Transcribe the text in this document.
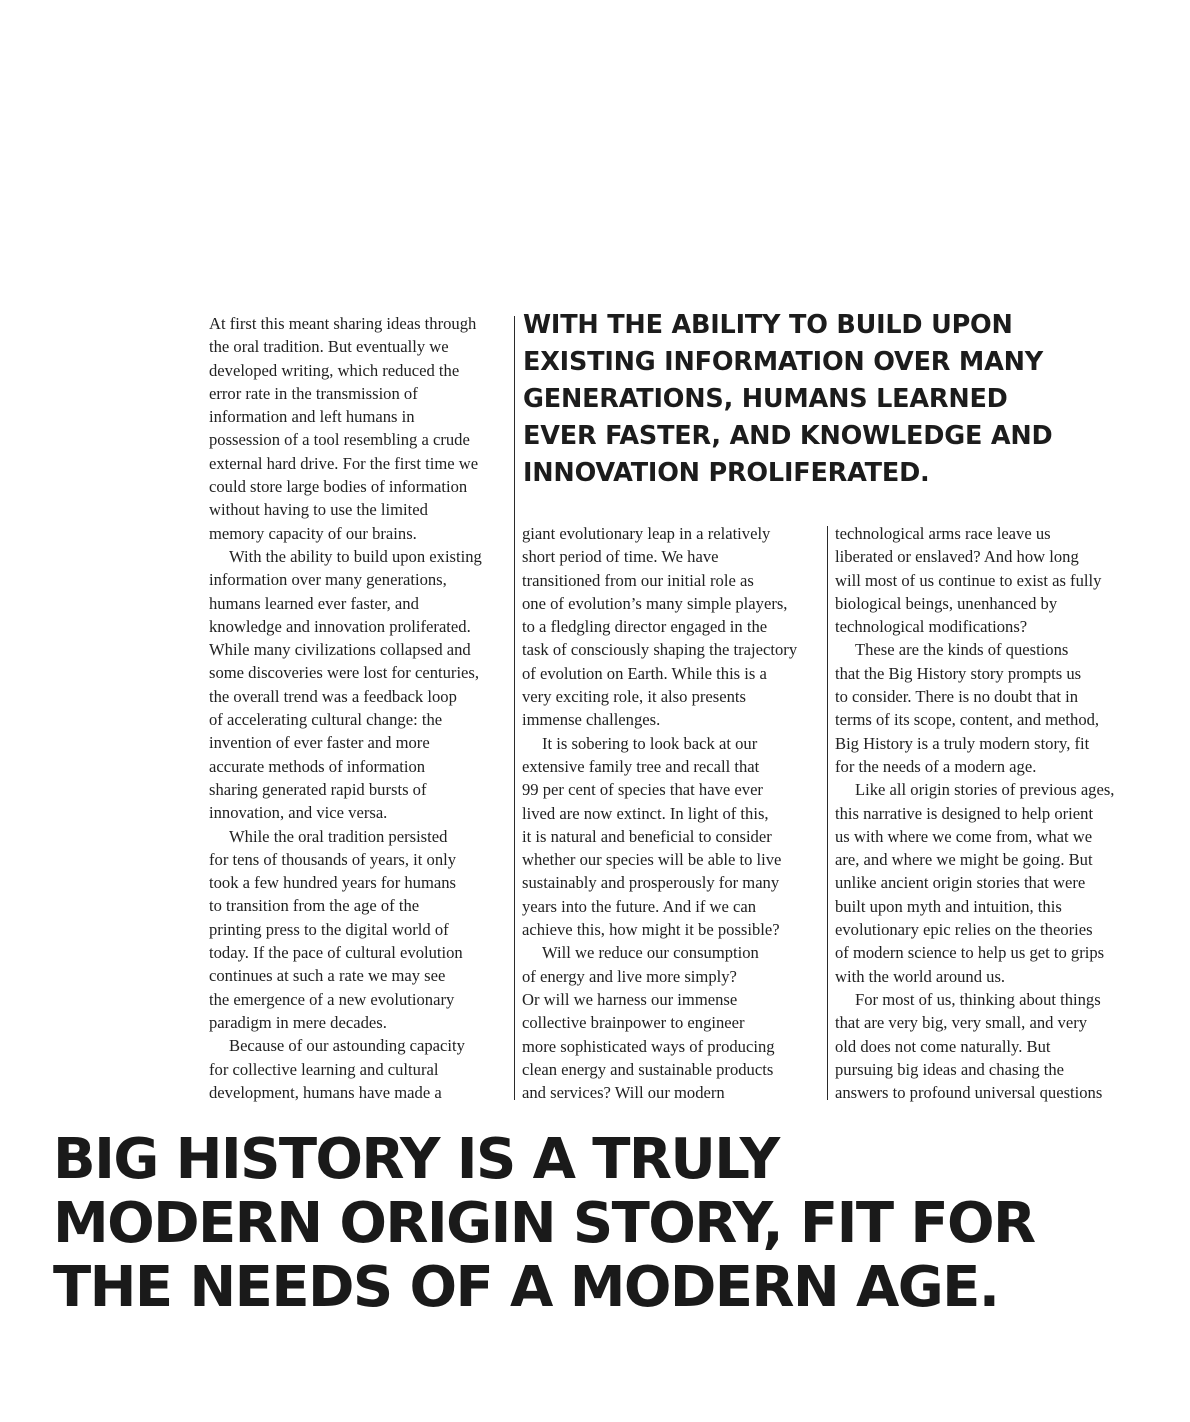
At first this meant sharing ideas through
the oral tradition. But eventually we
developed writing, which reduced the
error rate in the transmission of
information and left humans in
possession of a tool resembling a crude
external hard drive. For the first time we
could store large bodies of information
without having to use the limited
memory capacity of our brains.
With the ability to build upon existing
information over many generations,
humans learned ever faster, and
knowledge and innovation proliferated.
While many civilizations collapsed and
some discoveries were lost for centuries,
the overall trend was a feedback loop
of accelerating cultural change: the
invention of ever faster and more
accurate methods of information
sharing generated rapid bursts of
innovation, and vice versa.
While the oral tradition persisted
for tens of thousands of years, it only
took a few hundred years for humans
to transition from the age of the
printing press to the digital world of
today. If the pace of cultural evolution
continues at such a rate we may see
the emergence of a new evolutionary
paradigm in mere decades.
Because of our astounding capacity
for collective learning and cultural
development, humans have made a
WITH THE ABILITY TO BUILD UPON
EXISTING INFORMATION OVER MANY
GENERATIONS, HUMANS LEARNED
EVER FASTER, AND KNOWLEDGE AND
INNOVATION PROLIFERATED.
giant evolutionary leap in a relatively
short period of time. We have
transitioned from our initial role as
one of evolution’s many simple players,
to a fledgling director engaged in the
task of consciously shaping the trajectory
of evolution on Earth. While this is a
very exciting role, it also presents
immense challenges.
It is sobering to look back at our
extensive family tree and recall that
99 per cent of species that have ever
lived are now extinct. In light of this,
it is natural and beneficial to consider
whether our species will be able to live
sustainably and prosperously for many
years into the future. And if we can
achieve this, how might it be possible?
Will we reduce our consumption
of energy and live more simply?
Or will we harness our immense
collective brainpower to engineer
more sophisticated ways of producing
clean energy and sustainable products
and services? Will our modern
technological arms race leave us
liberated or enslaved? And how long
will most of us continue to exist as fully
biological beings, unenhanced by
technological modifications?
These are the kinds of questions
that the Big History story prompts us
to consider. There is no doubt that in
terms of its scope, content, and method,
Big History is a truly modern story, fit
for the needs of a modern age.
Like all origin stories of previous ages,
this narrative is designed to help orient
us with where we come from, what we
are, and where we might be going. But
unlike ancient origin stories that were
built upon myth and intuition, this
evolutionary epic relies on the theories
of modern science to help us get to grips
with the world around us.
For most of us, thinking about things
that are very big, very small, and very
old does not come naturally. But
pursuing big ideas and chasing the
answers to profound universal questions
BIG HISTORY IS A TRULY
MODERN ORIGIN STORY, FIT FOR
THE NEEDS OF A MODERN AGE.
